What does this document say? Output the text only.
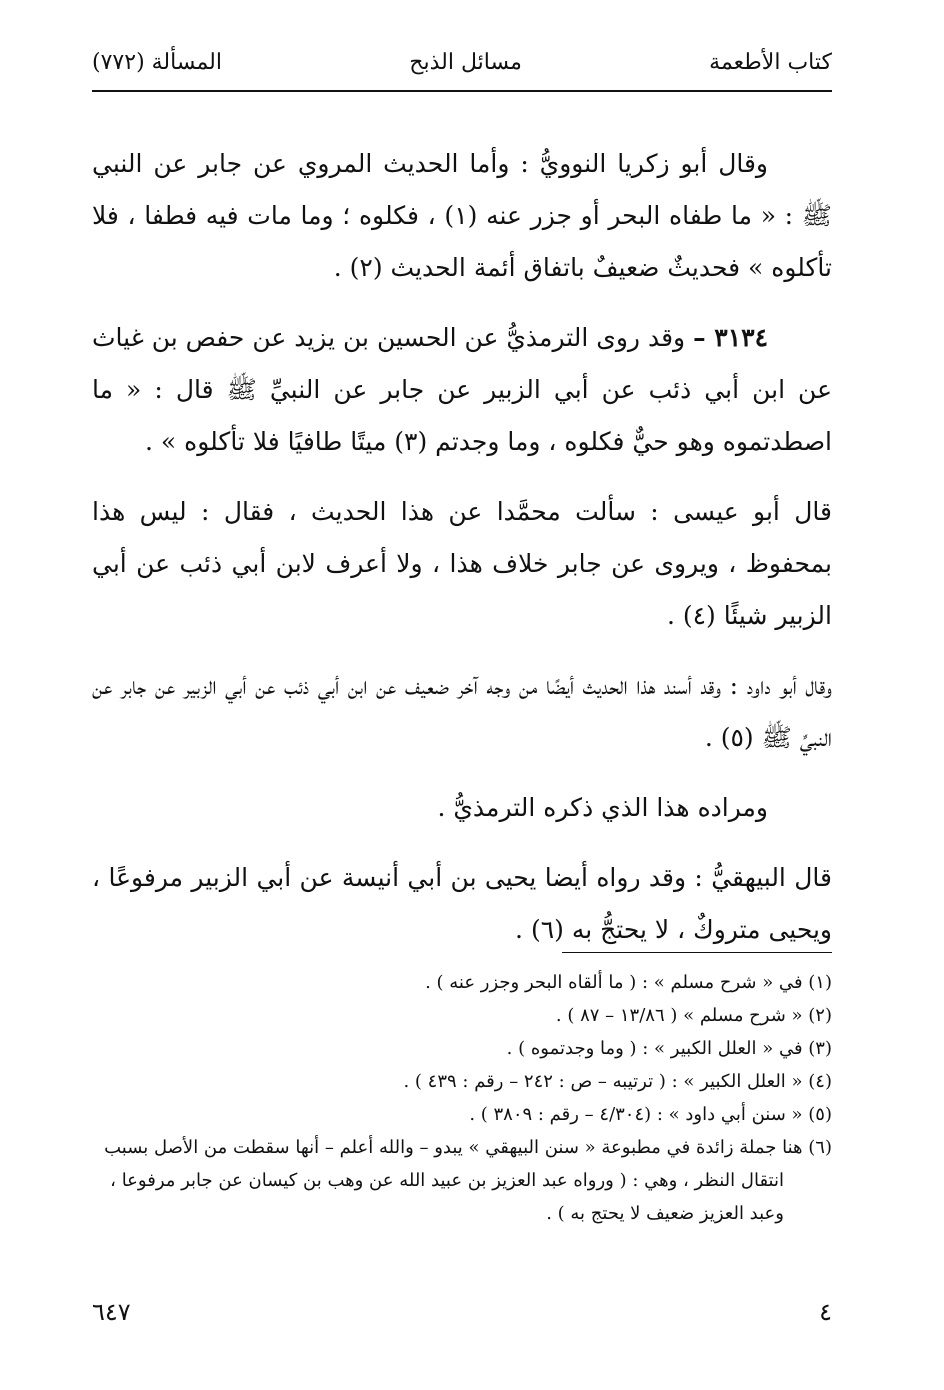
كتاب الأطعمة
مسائل الذبح
المسألة (٧٧٢)

وقال أبو زكريا النوويُّ : وأما الحديث المروي عن جابر عن النبي ﷺ : « ما طفاه البحر أو جزر عنه (١) ، فكلوه ؛ وما مات فيه فطفا ، فلا تأكلوه » فحديثٌ ضعيفٌ باتفاق أئمة الحديث (٢) .

٣١٣٤ – وقد روى الترمذيُّ عن الحسين بن يزيد عن حفص بن غياث عن ابن أبي ذئب عن أبي الزبير عن جابر عن النبيِّ ﷺ قال : « ما اصطدتموه وهو حيٌّ فكلوه ، وما وجدتم (٣) ميتًا طافيًا فلا تأكلوه » .

قال أبو عيسى : سألت محمَّدا عن هذا الحديث ، فقال : ليس هذا بمحفوظ ، ويروى عن جابر خلاف هذا ، ولا أعرف لابن أبي ذئب عن أبي الزبير شيئًا (٤) .

وقال أبو داود : وقد أسند هذا الحديث أيضًا من وجه آخر ضعيف عن ابن أبي ذئب عن أبي الزبير عن جابر عن النبيِّ ﷺ (٥) .

ومراده هذا الذي ذكره الترمذيُّ .

قال البيهقيُّ : وقد رواه أيضا يحيى بن أبي أنيسة عن أبي الزبير مرفوعًا ، ويحيى متروكٌ ، لا يحتجُّ به (٦) .

(١) في « شرح مسلم » : ( ما ألقاه البحر وجزر عنه ) .

(٢) « شرح مسلم » ( ١٣/٨٦ – ٨٧ ) .

(٣) في « العلل الكبير » : ( وما وجدتموه ) .

(٤) « العلل الكبير » : ( ترتيبه – ص : ٢٤٢ – رقم : ٤٣٩ ) .

(٥) « سنن أبي داود » : (٤/٣٠٤ – رقم : ٣٨٠٩ ) .

(٦) هنا جملة زائدة في مطبوعة « سنن البيهقي » يبدو – والله أعلم – أنها سقطت من الأصل بسبب انتقال النظر ، وهي : ( ورواه عبد العزيز بن عبيد الله عن وهب بن كيسان عن جابر مرفوعا ، وعبد العزيز ضعيف لا يحتج به ) .

٤
٦٤٧
